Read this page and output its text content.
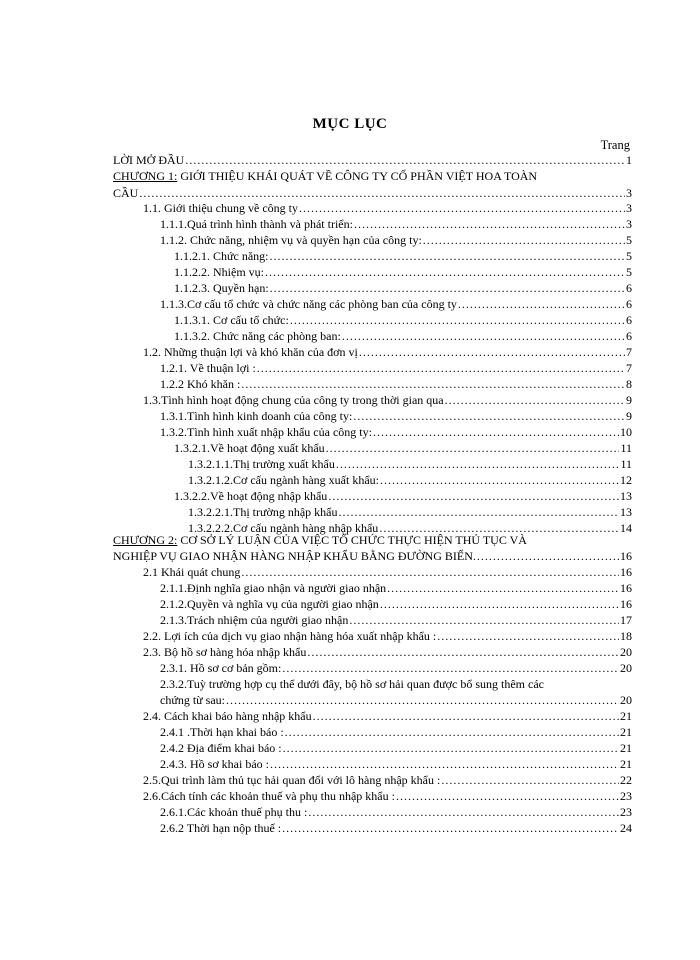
MỤC LỤC
Trang
LỜI MỞ ĐẦU .....	1
CHƯƠNG 1: GIỚI THIỆU KHÁI QUÁT VỀ CÔNG TY CỔ PHẦN VIỆT HOA TOÀN
CẦU .....	3
1.1. Giới thiệu chung về công ty .....	3
1.1.1.Quá trình hình thành và phát triển: .....	3
1.1.2. Chức năng, nhiệm vụ và quyền hạn của công ty: .....	5
1.1.2.1. Chức năng: .....	5
1.1.2.2. Nhiệm vụ: .....	5
1.1.2.3. Quyền hạn: .....	6
1.1.3.Cơ cấu tổ chức và chức năng các phòng ban của công ty .....	6
1.1.3.1. Cơ cấu tổ chức: .....	6
1.1.3.2. Chức năng các phòng ban: .....	6
1.2. Những thuận lợi và khó khăn của đơn vị .....	7
1.2.1. Về thuận lợi : .....	7
1.2.2 Khó khăn : .....	8
1.3.Tình hình hoạt động chung của công ty trong thời gian qua .....	9
1.3.1.Tình hình kinh doanh của công ty: .....	9
1.3.2.Tình hình xuất nhập khẩu của công ty: .....	10
1.3.2.1.Về hoạt động xuất khẩu .....	11
1.3.2.1.1.Thị trường xuất khẩu .....	11
1.3.2.1.2.Cơ cấu ngành hàng xuất khẩu: .....	12
1.3.2.2.Về hoạt động nhập khẩu .....	13
1.3.2.2.1.Thị trường nhập khẩu .....	13
1.3.2.2.2.Cơ cấu ngành hàng nhập khẩu .....	14
CHƯƠNG 2: CƠ SỞ LÝ LUẬN CỦA VIỆC TỔ CHỨC THỰC HIỆN THỦ TỤC VÀ
NGHIỆP VỤ GIAO NHẬN HÀNG NHẬP KHẨU BẰNG ĐƯỜNG BIỂN. .....	16
2.1 Khái quát chung .....	16
2.1.1.Định nghĩa giao nhận và người giao nhận .....	16
2.1.2.Quyền và nghĩa vụ của người giao nhận .....	16
2.1.3.Trách nhiệm của người giao nhận .....	17
2.2. Lợi ích của dịch vụ giao nhận hàng hóa xuất nhập khẩu : .....	18
2.3. Bộ hồ sơ hàng hóa nhập khẩu .....	20
2.3.1. Hồ sơ cơ bản gồm: .....	20
2.3.2.Tuỳ trường hợp cụ thể dưới đây, bộ hồ sơ hải quan được bổ sung thêm các
chứng từ sau: .....	20
2.4. Cách khai báo hàng nhập khẩu .....	21
2.4.1 .Thời hạn khai báo : .....	21
2.4.2 Địa điểm khai báo : .....	21
2.4.3. Hồ sơ khai báo : .....	21
2.5.Qui trình làm thủ tục hải quan đối với lô hàng nhập khẩu : .....	22
2.6.Cách tính các khoản thuế và phụ thu nhập khẩu : .....	23
2.6.1.Các khoản thuế phụ thu : .....	23
2.6.2 Thời hạn nộp thuế : .....	24
